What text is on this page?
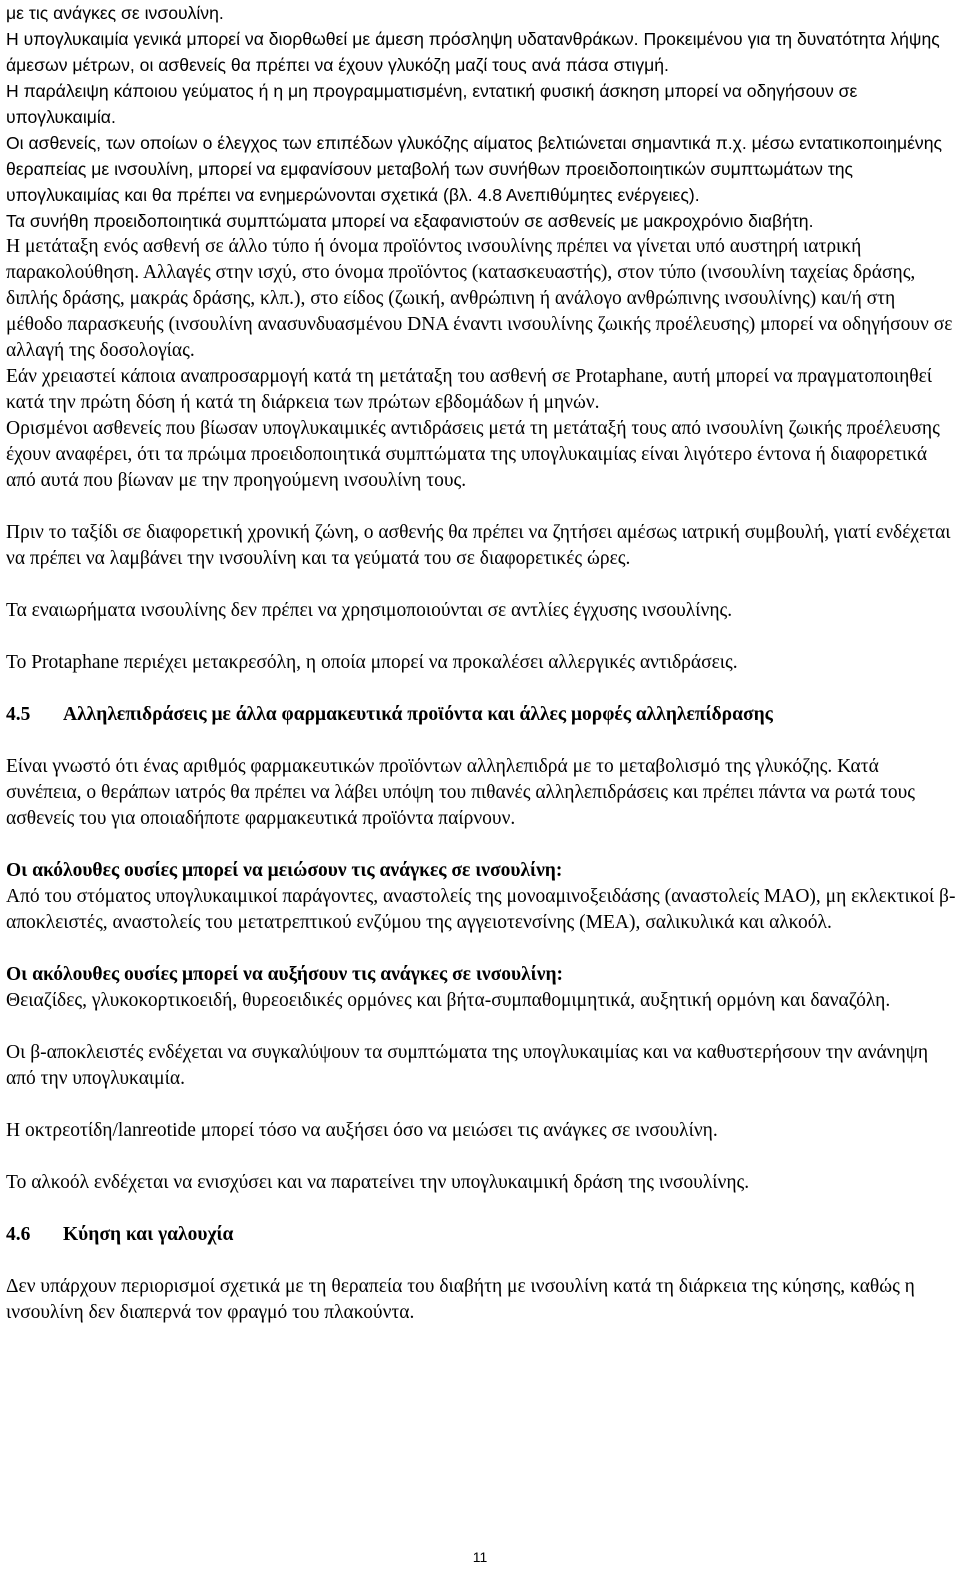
με τις ανάγκες σε ινσουλίνη.

Η υπογλυκαιμία γενικά μπορεί να διορθωθεί με άμεση πρόσληψη υδατανθράκων. Προκειμένου για τη δυνατότητα λήψης άμεσων μέτρων, οι ασθενείς θα πρέπει να έχουν γλυκόζη μαζί τους ανά πάσα στιγμή.

Η παράλειψη κάποιου γεύματος ή η μη προγραμματισμένη, εντατική φυσική άσκηση μπορεί να οδηγήσουν σε υπογλυκαιμία.

Οι ασθενείς, των οποίων ο έλεγχος των επιπέδων γλυκόζης αίματος βελτιώνεται σημαντικά π.χ. μέσω εντατικοποιημένης θεραπείας με ινσουλίνη, μπορεί να εμφανίσουν μεταβολή των συνήθων προειδοποιητικών συμπτωμάτων της υπογλυκαιμίας και θα πρέπει να ενημερώνονται σχετικά (βλ. 4.8 Ανεπιθύμητες ενέργειες).

Τα συνήθη προειδοποιητικά συμπτώματα μπορεί να εξαφανιστούν σε ασθενείς με μακροχρόνιο διαβήτη.

Η μετάταξη ενός ασθενή σε άλλο τύπο ή όνομα προϊόντος ινσουλίνης πρέπει να γίνεται υπό αυστηρή ιατρική παρακολούθηση. Αλλαγές στην ισχύ, στο όνομα προϊόντος (κατασκευαστής), στον τύπο (ινσουλίνη ταχείας δράσης, διπλής δράσης, μακράς δράσης, κλπ.), στο είδος (ζωική, ανθρώπινη ή ανάλογο ανθρώπινης ινσουλίνης) και/ή στη μέθοδο παρασκευής (ινσουλίνη ανασυνδυασμένου DNA έναντι ινσουλίνης ζωικής προέλευσης) μπορεί να οδηγήσουν σε αλλαγή της δοσολογίας.

Εάν χρειαστεί κάποια αναπροσαρμογή κατά τη μετάταξη του ασθενή σε Protaphane, αυτή μπορεί να πραγματοποιηθεί κατά την πρώτη δόση ή κατά τη διάρκεια των πρώτων εβδομάδων ή μηνών.

Ορισμένοι ασθενείς που βίωσαν υπογλυκαιμικές αντιδράσεις μετά τη μετάταξή τους από ινσουλίνη ζωικής προέλευσης έχουν αναφέρει, ότι τα πρώιμα προειδοποιητικά συμπτώματα της υπογλυκαιμίας είναι λιγότερο έντονα ή διαφορετικά από αυτά που βίωναν με την προηγούμενη ινσουλίνη τους.

Πριν το ταξίδι σε διαφορετική χρονική ζώνη, ο ασθενής θα πρέπει να ζητήσει αμέσως ιατρική συμβουλή, γιατί ενδέχεται να πρέπει να λαμβάνει την ινσουλίνη και τα γεύματά του σε διαφορετικές ώρες.

Τα εναιωρήματα ινσουλίνης δεν πρέπει να χρησιμοποιούνται σε αντλίες έγχυσης ινσουλίνης.

Το Protaphane περιέχει μετακρεσόλη, η οποία μπορεί να προκαλέσει αλλεργικές αντιδράσεις.

4.5	Αλληλεπιδράσεις με άλλα φαρμακευτικά προϊόντα και άλλες μορφές αλληλεπίδρασης

Είναι γνωστό ότι ένας αριθμός φαρμακευτικών προϊόντων αλληλεπιδρά με το μεταβολισμό της γλυκόζης. Κατά συνέπεια, ο θεράπων ιατρός θα πρέπει να λάβει υπόψη του πιθανές αλληλεπιδράσεις και πρέπει πάντα να ρωτά τους ασθενείς του για οποιαδήποτε φαρμακευτικά προϊόντα παίρνουν.

Οι ακόλουθες ουσίες μπορεί να μειώσουν τις ανάγκες σε ινσουλίνη:

Από του στόματος υπογλυκαιμικοί παράγοντες, αναστολείς της μονοαμινοξειδάσης (αναστολείς MAO), μη εκλεκτικοί β-αποκλειστές, αναστολείς του μετατρεπτικού ενζύμου της αγγειοτενσίνης (MEA), σαλικυλικά και αλκοόλ.

Οι ακόλουθες ουσίες μπορεί να αυξήσουν τις ανάγκες σε ινσουλίνη:

Θειαζίδες, γλυκοκορτικοειδή, θυρεοειδικές ορμόνες και βήτα-συμπαθομιμητικά, αυξητική ορμόνη και δαναζόλη.

Οι β-αποκλειστές ενδέχεται να συγκαλύψουν τα συμπτώματα της υπογλυκαιμίας και να καθυστερήσουν την ανάνηψη από την υπογλυκαιμία.

Η οκτρεοτίδη/lanreotide μπορεί τόσο να αυξήσει όσο να μειώσει τις ανάγκες σε ινσουλίνη.

Το αλκοόλ ενδέχεται να ενισχύσει και να παρατείνει την υπογλυκαιμική δράση της ινσουλίνης.

4.6	Κύηση και γαλουχία

Δεν υπάρχουν περιορισμοί σχετικά με τη θεραπεία του διαβήτη με ινσουλίνη κατά τη διάρκεια της κύησης, καθώς η ινσουλίνη δεν διαπερνά τον φραγμό του πλακούντα.

11
